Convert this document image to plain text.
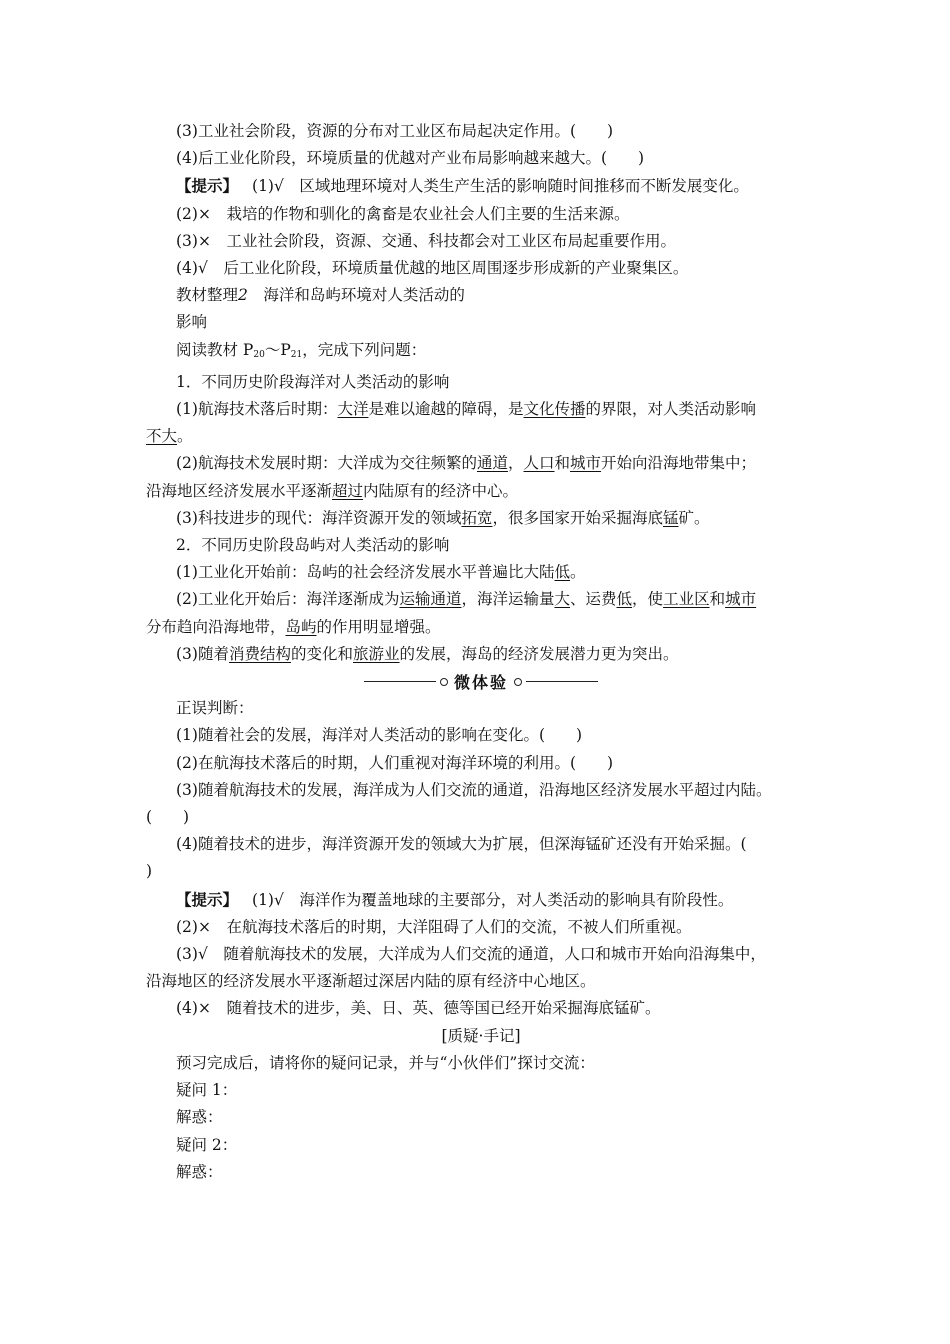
(3)工业社会阶段，资源的分布对工业区布局起决定作用。(　　)
(4)后工业化阶段，环境质量的优越对产业布局影响越来越大。(　　)
【提示】 (1)√　区域地理环境对人类生产生活的影响随时间推移而不断发展变化。
(2)×　栽培的作物和驯化的禽畜是农业社会人们主要的生活来源。
(3)×　工业社会阶段，资源、交通、科技都会对工业区布局起重要作用。
(4)√　后工业化阶段，环境质量优越的地区周围逐步形成新的产业聚集区。
教材整理2　 海洋和岛屿环境对人类活动的
影响
阅读教材 $P_{20}\sim P_{21}$，完成下列问题：
1．不同历史阶段海洋对人类活动的影响
(1)航海技术落后时期：大洋是难以逾越的障碍，是文化传播的界限，对人类活动影响
不大。
(2)航海技术发展时期：大洋成为交往频繁的通道，人口和城市开始向沿海地带集中；
沿海地区经济发展水平逐渐超过内陆原有的经济中心。
(3)科技进步的现代：海洋资源开发的领域拓宽，很多国家开始采掘海底锰矿。
2．不同历史阶段岛屿对人类活动的影响
(1)工业化开始前：岛屿的社会经济发展水平普遍比大陆低。
(2)工业化开始后：海洋逐渐成为运输通道，海洋运输量大、运费低，使工业区和城市
分布趋向沿海地带，岛屿的作用明显增强。
(3)随着消费结构的变化和旅游业的发展，海岛的经济发展潜力更为突出。
微体验
正误判断：
(1)随着社会的发展，海洋对人类活动的影响在变化。(　　)
(2)在航海技术落后的时期，人们重视对海洋环境的利用。(　　)
(3)随着航海技术的发展，海洋成为人们交流的通道，沿海地区经济发展水平超过内陆。
(　　)
(4)随着技术的进步，海洋资源开发的领域大为扩展，但深海锰矿还没有开始采掘。(
)
【提示】 (1)√　海洋作为覆盖地球的主要部分，对人类活动的影响具有阶段性。
(2)×　在航海技术落后的时期，大洋阻碍了人们的交流，不被人们所重视。
(3)√　随着航海技术的发展，大洋成为人们交流的通道，人口和城市开始向沿海集中，
沿海地区的经济发展水平逐渐超过深居内陆的原有经济中心地区。
(4)×　随着技术的进步，美、日、英、德等国已经开始采掘海底锰矿。
[质疑·手记]
预习完成后，请将你的疑问记录，并与“小伙伴们”探讨交流：
疑问 1：
解惑：
疑问 2：
解惑：
